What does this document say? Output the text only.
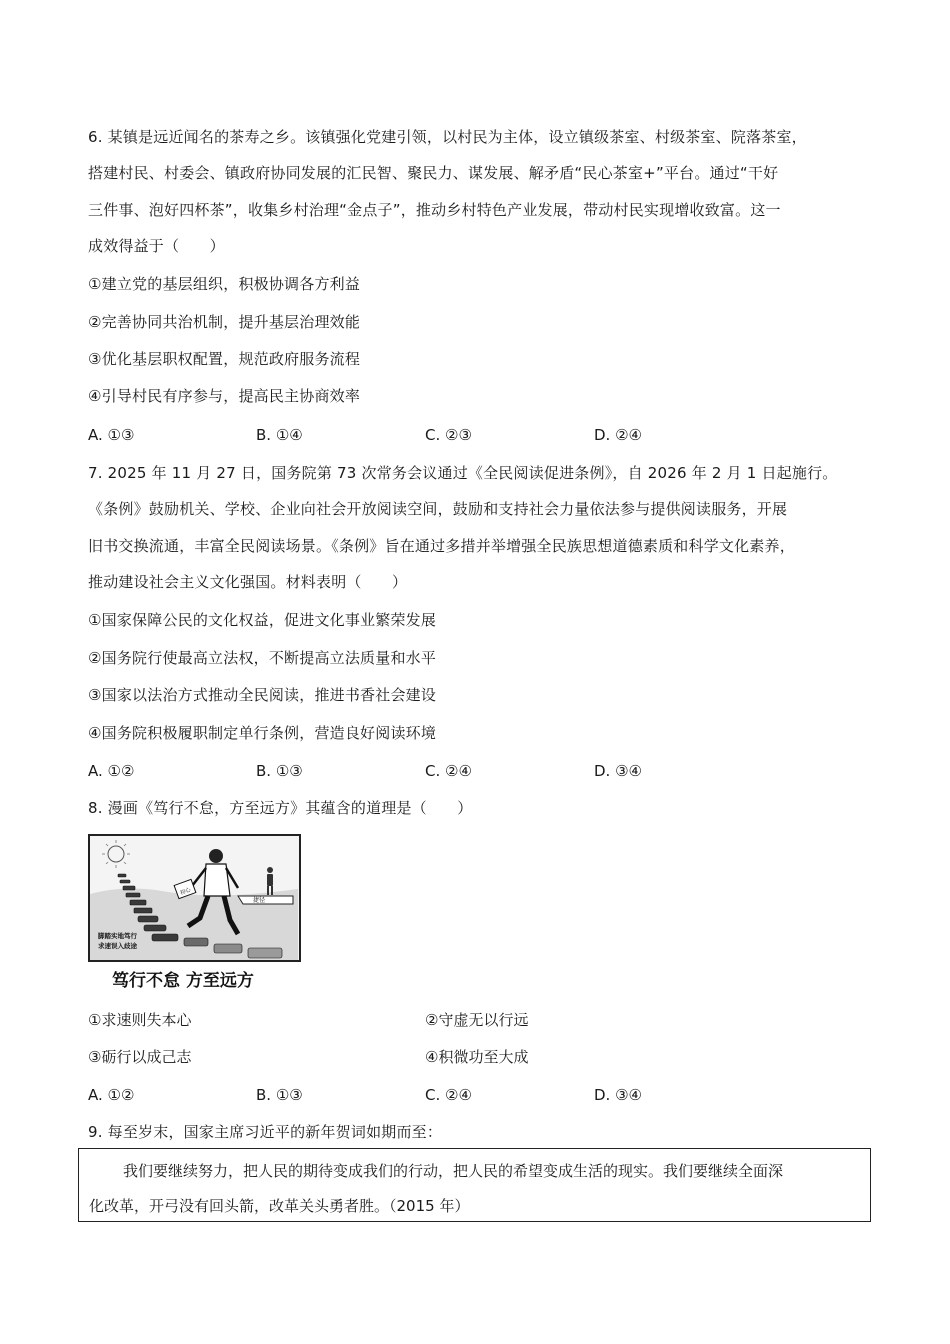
6. 某镇是远近闻名的茶寿之乡。该镇强化党建引领，以村民为主体，设立镇级茶室、村级茶室、院落茶室，
搭建村民、村委会、镇政府协同发展的汇民智、聚民力、谋发展、解矛盾“民心茶室+”平台。通过“干好
三件事、泡好四杯茶”，收集乡村治理“金点子”，推动乡村特色产业发展，带动村民实现增收致富。这一
成效得益于（　　）
①建立党的基层组织，积极协调各方利益
②完善协同共治机制，提升基层治理效能
③优化基层职权配置，规范政府服务流程
④引导村民有序参与，提高民主协商效率
A. ①③	B. ①④	C. ②③	D. ②④
7. 2025 年 11 月 27 日，国务院第 73 次常务会议通过《全民阅读促进条例》，自 2026 年 2 月 1 日起施行。
《条例》鼓励机关、学校、企业向社会开放阅读空间，鼓励和支持社会力量依法参与提供阅读服务，开展
旧书交换流通，丰富全民阅读场景。《条例》旨在通过多措并举增强全民族思想道德素质和科学文化素养，
推动建设社会主义文化强国。材料表明（　　）
①国家保障公民的文化权益，促进文化事业繁荣发展
②国务院行使最高立法权，不断提高立法质量和水平
③国家以法治方式推动全民阅读，推进书香社会建设
④国务院积极履职制定单行条例，营造良好阅读环境
A. ①②	B. ①③	C. ②④	D. ③④
8. 漫画《笃行不怠，方至远方》其蕴含的道理是（　　）
捷径
初心
脚踏实地笃行
求速误入歧途
笃行不怠 方至远方
①求速则失本心	②守虚无以行远
③砺行以成己志	④积微功至大成
A. ①②	B. ①③	C. ②④	D. ③④
9. 每至岁末，国家主席习近平的新年贺词如期而至：
我们要继续努力，把人民的期待变成我们的行动，把人民的希望变成生活的现实。我们要继续全面深
化改革，开弓没有回头箭，改革关头勇者胜。（2015 年）
